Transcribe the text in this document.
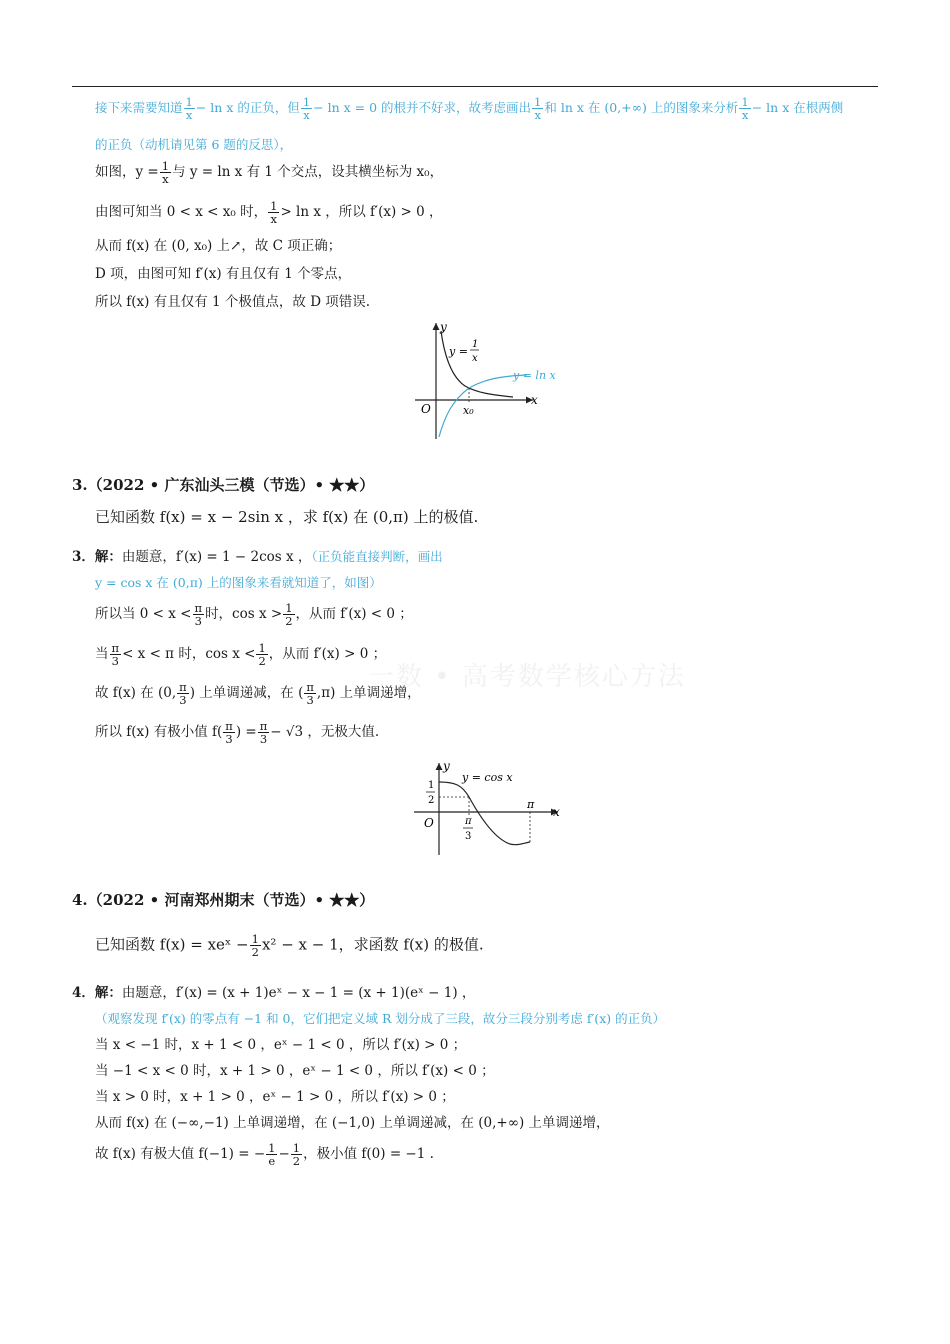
一数 • 高考数学核心方法
接下来需要知道 $\frac{1}{x} - \ln x$ 的正负，但 $\frac{1}{x} - \ln x = 0$ 的根并不好求，故考虑画出 $\frac{1}{x}$ 和 ln x 在 (0,+∞) 上的图象来分析 $\frac{1}{x} - \ln x$ 在根两侧
的正负（动机请见第 6 题的反思），
如图，$y = \frac{1}{x}$ 与 y = ln x 有 1 个交点，设其横坐标为 x₀，
由图可知当 0 < x < x₀ 时， $\frac{1}{x} > \ln x$ ，所以 f′(x) > 0 ，
从而 f(x) 在 (0, x₀) 上↗，故 C 项正确；
D 项，由图可知 f′(x) 有且仅有 1 个零点，
所以 f(x) 有且仅有 1 个极值点，故 D 项错误.
y
x
O	x₀
y =
1
x
y = ln x
3.（2022 • 广东汕头三模（节选）• ★★）
已知函数 f(x) = x − 2sin x ，求 f(x) 在 (0,π) 上的极值.
3．解：由题意，f′(x) = 1 − 2cos x ，（正负能直接判断，画出
y = cos x 在 (0,π) 上的图象来看就知道了，如图）
所以当 $0 < x < \frac{\pi}{3}$ 时，$\cos x > \frac{1}{2}$ ，从而 f′(x) < 0 ；
当 $\frac{\pi}{3} < x < \pi$ 时，$\cos x < \frac{1}{2}$ ，从而 f′(x) > 0 ；
故 f(x) 在 (0, $\frac{\pi}{3}$ ) 上单调递减，在 ( $\frac{\pi}{3} ,\pi$) 上单调递增，
所以 f(x) 有极小值 $f( \frac{\pi}{3}$ ) = $\frac{\pi}{3} - √3$ ，无极大值.
y
x
O
1
2
π
3
π
y = cos x
4.（2022 • 河南郑州期末（节选）• ★★）
已知函数 f(x) = xeˣ − $\frac{1}{2} x^2 - x - 1$，求函数 f(x) 的极值.
4．解：由题意，f′(x) = (x + 1)eˣ − x − 1 = (x + 1)(eˣ − 1) ，
（观察发现 f′(x) 的零点有 −1 和 0，它们把定义域 R 划分成了三段，故分三段分别考虑 f′(x) 的正负）
当 x < −1 时，x + 1 < 0 ，eˣ − 1 < 0 ，所以 f′(x) > 0 ；
当 −1 < x < 0 时，x + 1 > 0 ，eˣ − 1 < 0 ，所以 f′(x) < 0 ；
当 x > 0 时，x + 1 > 0 ，eˣ − 1 > 0 ，所以 f′(x) > 0 ；
从而 f(x) 在 (−∞,−1) 上单调递增，在 (−1,0) 上单调递减，在 (0,+∞) 上单调递增，
故 f(x) 有极大值 f(−1) = − $\frac{1}{e} - \frac{1}{2}$ ，极小值 f(0) = −1 .
